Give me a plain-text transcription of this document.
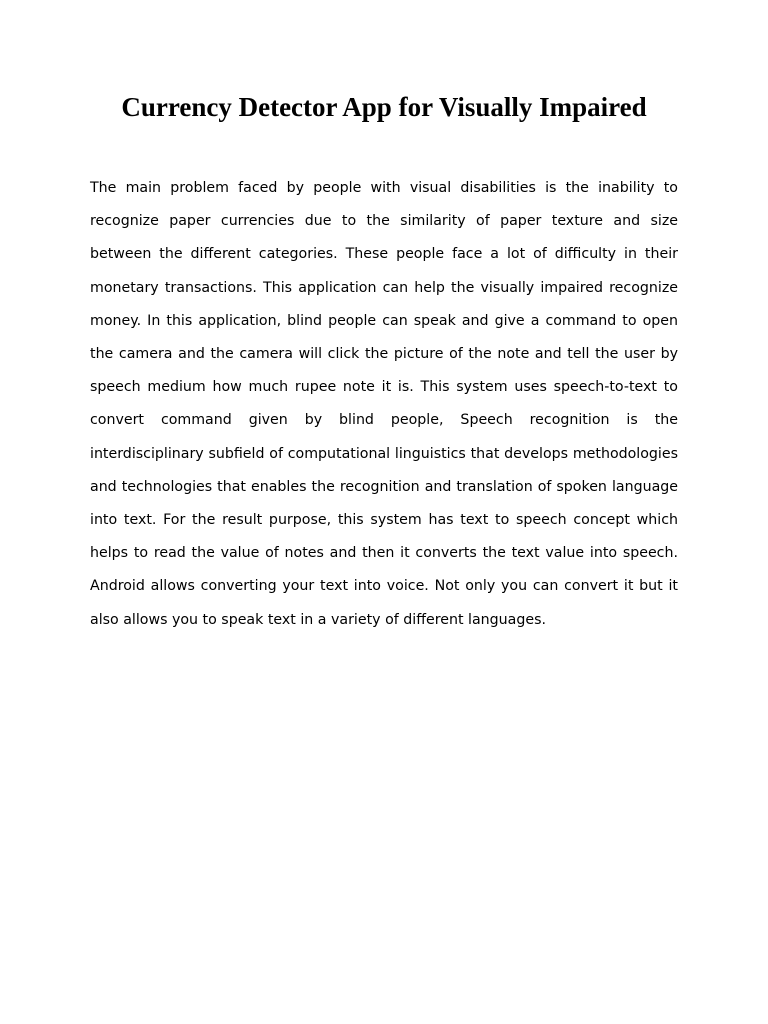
Currency Detector App for Visually Impaired

The main problem faced by people with visual disabilities is the inability to recognize paper currencies due to the similarity of paper texture and size between the different categories. These people face a lot of difficulty in their monetary transactions. This application can help the visually impaired recognize money. In this application, blind people can speak and give a command to open the camera and the camera will click the picture of the note and tell the user by speech medium how much rupee note it is. This system uses speech-to-text to convert command given by blind people, Speech recognition is the interdisciplinary subfield of computational linguistics that develops methodologies and technologies that enables the recognition and translation of spoken language into text. For the result purpose, this system has text to speech concept which helps to read the value of notes and then it converts the text value into speech. Android allows converting your text into voice. Not only you can convert it but it also allows you to speak text in a variety of different languages.
